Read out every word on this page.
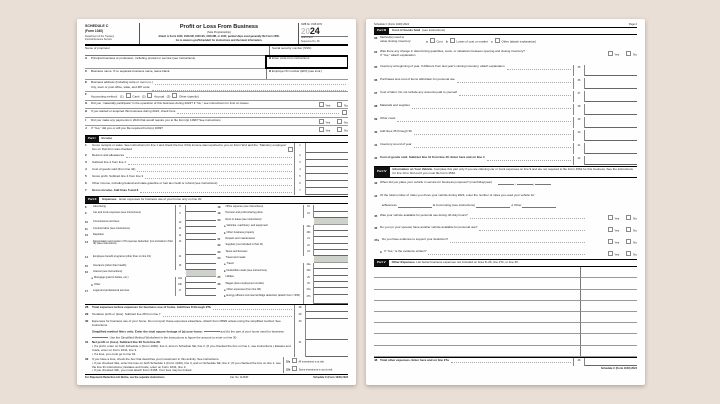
SCHEDULE C
(Form 1040)
Department of the Treasury
Internal Revenue Service
Profit or Loss From Business
(Sole Proprietorship)
Attach to Form 1040, 1040-SR, 1040-SS, 1040-NR, or 1041; partnerships must generally file Form 1065.
Go to www.irs.gov/ScheduleC for instructions and the latest information.
OMB No. 1545-0074
2024
Attachment
Sequence No. 09
Name of proprietor	Social security number (SSN)
A	Principal business or profession, including product or service (see instructions)	B Enter code from instructions
C	Business name. If no separate business name, leave blank.	D Employer ID number (EIN) (see instr.)
E	Business address (including suite or room no.)
City, town or post office, state, and ZIP code
F
Accounting method: (1)	Cash (2)	Accrual (3)	Other (specify)
G	Did you “materially participate” in the operation of this business during 2024? If “No,” see instructions for limit on losses
Yes	No
H	If you started or acquired this business during 2024, check here
I	Did you make any payments in 2024 that would require you to file Form(s) 1099? See instructions
Yes	No
J	If “Yes,” did you or will you file required Form(s) 1099?
Yes	No
Part I	Income
1	Gross receipts or sales. See instructions for line 1 and check the box if this income was reported to you on Form W-2 and the “Statutory employee” box on that form was checked
1
2	Returns and allowances	2
3	Subtract line 2 from line 1	3
4	Cost of goods sold (from line 42)	4
5	Gross profit. Subtract line 4 from line 3	5
6	Other income, including federal and state gasoline or fuel tax credit or refund (see instructions)	6
7	Gross income. Add lines 5 and 6	7
Part II	Expenses. Enter expenses for business use of your home only on line 30.
8	Advertising	8
9	Car and truck expenses (see instructions)	9
10	Commissions and fees	10
11	Contract labor (see instructions)	11
12	Depletion	12
13	Depreciation and section 179 expense deduction (not included in Part III) (see instructions)
13
14	Employee benefit programs (other than on line 19)	14
15	Insurance (other than health)	15
16	Interest (see instructions):
a Mortgage (paid to banks, etc.)	16a
b Other	16b
17	Legal and professional services	17
18	Office expense (see instructions)	18
19	Pension and profit-sharing plans	19
20	Rent or lease (see instructions):
a Vehicles, machinery, and equipment	20a
b Other business property	20b
21	Repairs and maintenance	21
22	Supplies (not included in Part III)	22
23	Taxes and licenses	23
24	Travel and meals:
a Travel	24a
b Deductible meals (see instructions)	24b
25	Utilities	25
26	Wages (less employment credits)	26
a Other expenses (from line 48)	27a
b Energy efficient commercial bldgs deduction (attach Form 7205)	27b
28	Total expenses before expenses for business use of home. Add lines 8 through 27b	28
29	Tentative profit or (loss). Subtract line 28 from line 7	29
30	Expenses for business use of your home. Do not report these expenses elsewhere. Attach Form 8829 unless using the simplified method. See instructions.
Simplified method filers only: Enter the total square footage of (a) your home:	and (b) the part of your home used for business: . Use the Simplified Method Worksheet in the instructions to figure the amount to enter on line 30
30
31	Net profit or (loss). Subtract line 30 from line 29.
• If a profit, enter on both Schedule 1 (Form 1040), line 3, and on Schedule SE, line 2. (If you checked the box on line 1, see instructions.) Estates and trusts, enter on Form 1041, line 3.
• If a loss, you must go to line 32.
31
32	If you have a loss, check the box that describes your investment in this activity. See instructions.
• If you checked 32a, enter the loss on both Schedule 1 (Form 1040), line 3, and on Schedule SE, line 2. (If you checked the box on line 1, see the line 31 instructions.) Estates and trusts, enter on Form 1041, line 3.
• If you checked 32b, you must attach Form 6198. Your loss may be limited.
32a	All investment is at risk.
32b	Some investment is not at risk.
For Paperwork Reduction Act Notice, see the separate instructions.	Cat. No. 11334P	Schedule C (Form 1040) 2024
Schedule C (Form 1040) 2024	Page 2
Part III	Cost of Goods Sold (see instructions)
33 Method(s) used to
value closing inventory:	a	Cost b	Lower of cost or market c	Other (attach explanation)
34 Was there any change in determining quantities, costs, or valuations between opening and closing inventory?
If “Yes,” attach explanation	Yes	No
35 Inventory at beginning of year. If different from last year’s closing inventory, attach explanation	35
36 Purchases less cost of items withdrawn for personal use	36
37 Cost of labor. Do not include any amounts paid to yourself	37
38 Materials and supplies	38
39 Other costs	39
40 Add lines 35 through 39	40
41 Inventory at end of year	41
42 Cost of goods sold. Subtract line 41 from line 40. Enter here and on line 4	42
Part IV	Information on Your Vehicle. Complete this part only if you are claiming car or truck expenses on line 9 and are not required to file Form 4562 for this business. See the instructions for line 13 to find out if you must file Form 4562.
43 When did you place your vehicle in service for business purposes? (month/day/year)
/	/
44 Of the total number of miles you drove your vehicle during 2024, enter the number of miles you used your vehicle for:
a
Business

	b
Commuting (see instructions)

	c
Other

45 Was your vehicle available for personal use during off-duty hours?
Yes	No
46 Do you (or your spouse) have another vehicle available for personal use?
Yes	No
47a Do you have evidence to support your deduction?
Yes	No
b If “Yes,” is the evidence written?
Yes	No
Part V	Other Expenses. List below business expenses not included on lines 8–26, line 27b, or line 30.
48 Total other expenses. Enter here and on line 27a	48
Schedule C (Form 1040) 2024
